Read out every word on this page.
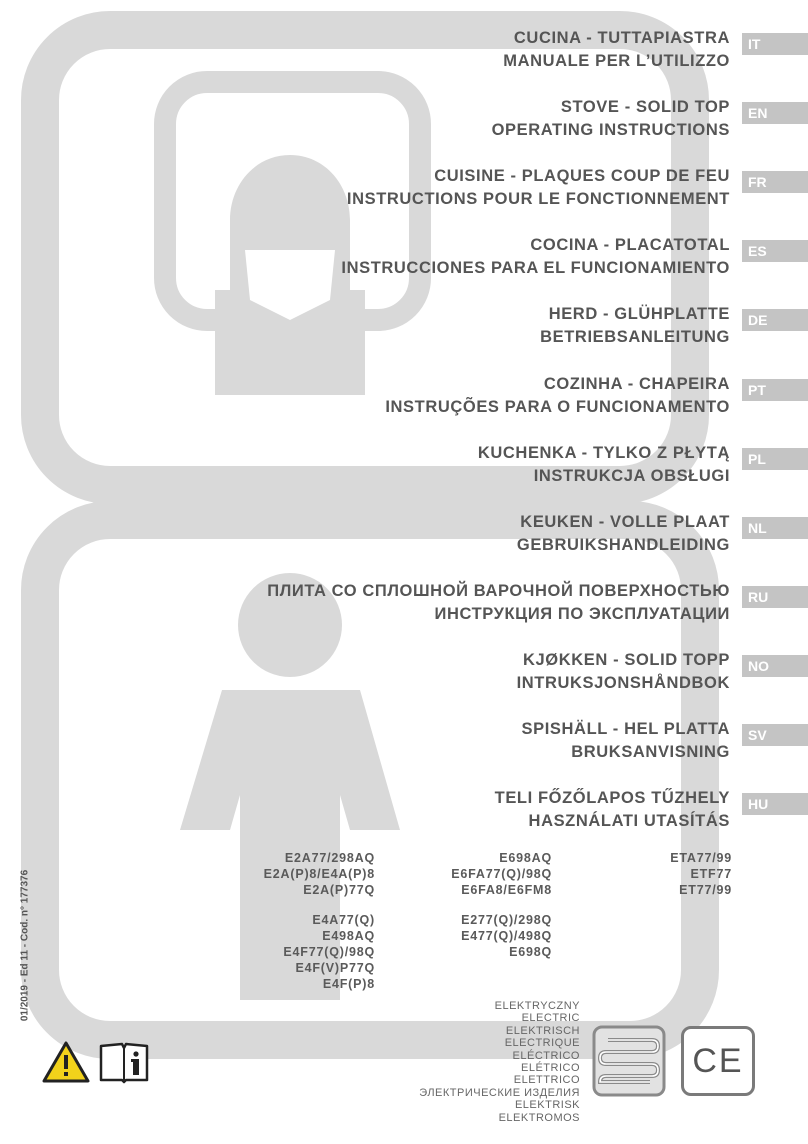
CUCINA - TUTTAPIASTRA
MANUALE PER L’UTILIZZO
IT
STOVE - SOLID TOP
OPERATING INSTRUCTIONS
EN
CUISINE - PLAQUES COUP DE FEU
INSTRUCTIONS POUR LE FONCTIONNEMENT
FR
COCINA - PLACATOTAL
INSTRUCCIONES PARA EL FUNCIONAMIENTO
ES
HERD - GLÜHPLATTE
BETRIEBSANLEITUNG
DE
COZINHA - CHAPEIRA
INSTRUÇÕES PARA O FUNCIONAMENTO
PT
KUCHENKA - TYLKO Z PŁYTĄ
INSTRUKCJA OBSŁUGI
PL
KEUKEN - VOLLE PLAAT
GEBRUIKSHANDLEIDING
NL
ПЛИТА СО СПЛОШНОЙ ВАРОЧНОЙ ПОВЕРХНОСТЬЮ
ИНСТРУКЦИЯ ПО ЭКСПЛУАТАЦИИ
RU
KJØKKEN - SOLID TOPP
INTRUKSJONSHÅNDBOK
NO
SPISHÄLL - HEL PLATTA
BRUKSANVISNING
SV
TELI FŐZŐLAPOS TŰZHELY
HASZNÁLATI UTASÍTÁS
HU
E2A77/298AQ
E2A(P)8/E4A(P)8
E2A(P)77Q
E4A77(Q)
E498AQ
E4F77(Q)/98Q
E4F(V)P77Q
E4F(P)8
E698AQ
E6FA77(Q)/98Q
E6FA8/E6FM8
E277(Q)/298Q
E477(Q)/498Q
E698Q
ETA77/99
ETF77
ET77/99
01/2019 - Ed 11 - Cod. n° 177376	ELEKTRYCZNY
ELECTRIC
ELEKTRISCH
ELECTRIQUE
ELÉCTRICO
ELÉTRICO
ELETTRICO
ЭЛЕКТРИЧЕСКИЕ ИЗДЕЛИЯ
ELEKTRISK
ELEKTROMOS
CE
